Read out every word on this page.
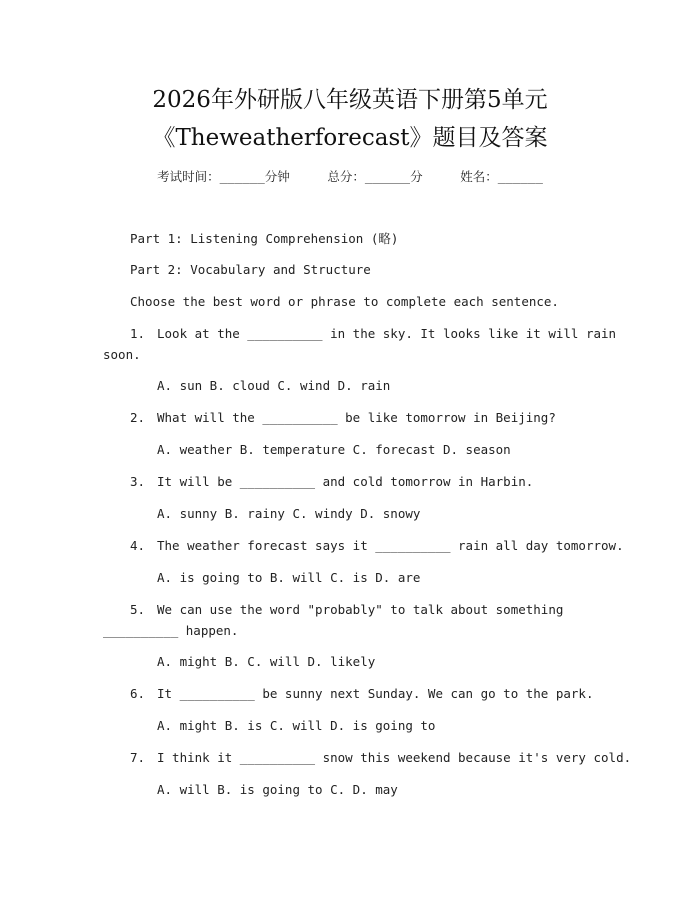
2026年外研版八年级英语下册第5单元
《Theweatherforecast》题目及答案
考试时间：______分钟     总分：______分     姓名：______
Part 1: Listening Comprehension (略)
Part 2: Vocabulary and Structure
Choose the best word or phrase to complete each sentence.
1. Look at the __________ in the sky. It looks like it will rain
soon.
A. sun B. cloud C. wind D. rain
2. What will the __________ be like tomorrow in Beijing?
A. weather B. temperature C. forecast D. season
3. It will be __________ and cold tomorrow in Harbin.
A. sunny B. rainy C. windy D. snowy
4. The weather forecast says it __________ rain all day tomorrow.
A. is going to B. will C. is D. are
5. We can use the word "probably" to talk about something
__________ happen.
A. might B. C. will D. likely
6. It __________ be sunny next Sunday. We can go to the park.
A. might B. is C. will D. is going to
7. I think it __________ snow this weekend because it's very cold.
A. will B. is going to C. D. may
